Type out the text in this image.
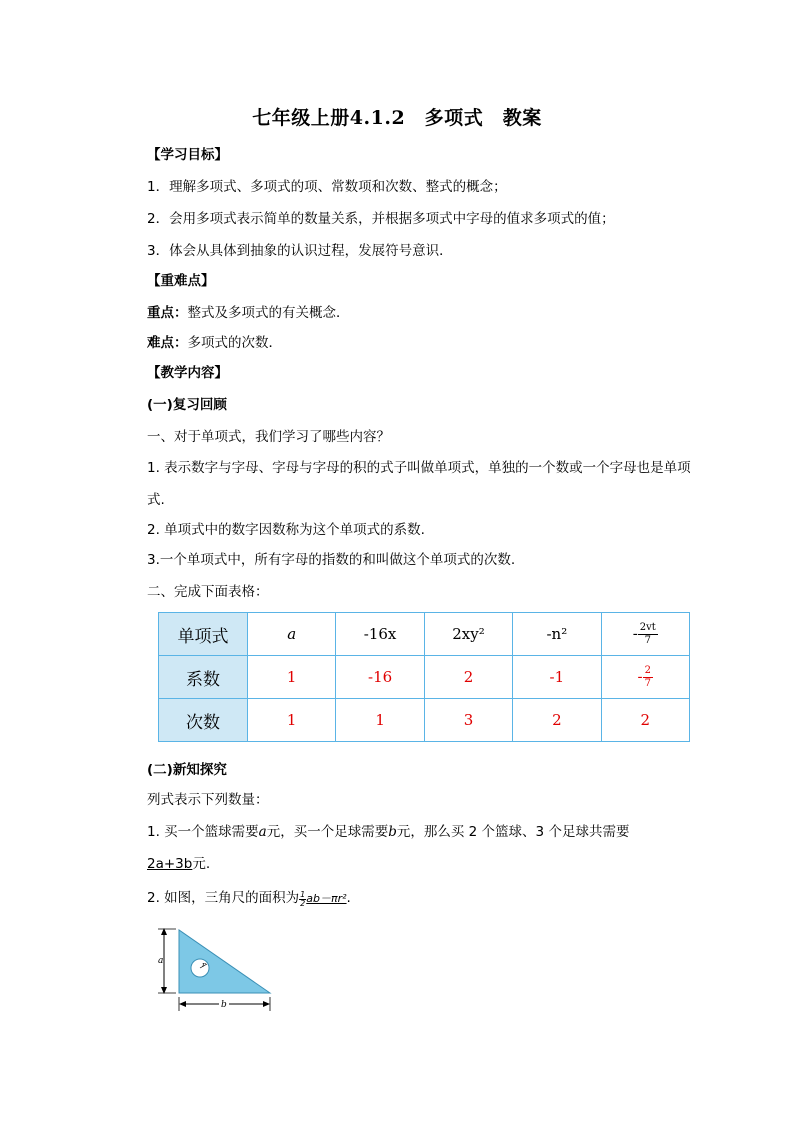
七年级上册4.1.2　多项式　教案
【学习目标】
1．理解多项式、多项式的项、常数项和次数、整式的概念；
2．会用多项式表示简单的数量关系，并根据多项式中字母的值求多项式的值；
3．体会从具体到抽象的认识过程，发展符号意识．
【重难点】
重点：整式及多项式的有关概念．
难点：多项式的次数．
【教学内容】
(一)复习回顾
一、对于单项式，我们学习了哪些内容？
1. 表示数字与字母、字母与字母的积的式子叫做单项式，单独的一个数或一个字母也是单项式.
2. 单项式中的数字因数称为这个单项式的系数.
3.一个单项式中，所有字母的指数的和叫做这个单项式的次数.
二、完成下面表格：
单项式	a	-16x	2xy²	-n²	- $\frac{2vt}{7}$

系数	1	-16	2	-1	- $\frac{2}{7}$

次数	1	1	3	2	2
(二)新知探究
列式表示下列数量：
1. 买一个篮球需要a元，买一个足球需要b元，那么买 2 个篮球、3 个足球共需要
2a+3b元.
2. 如图，三角尺的面积为 $\frac{1}{2} ab-\pi r^2$.
a	r
b
